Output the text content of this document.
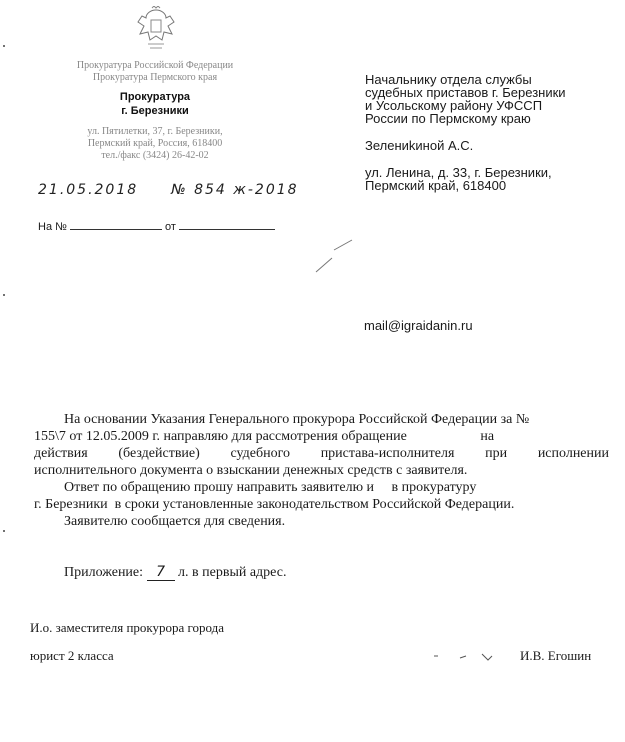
Прокуратура Российской Федерации
Прокуратура Пермского края
Прокуратура
г. Березники
ул. Пятилетки, 37, г. Березники,
Пермский край, Россия, 618400
тел./факс (3424) 26-42-02
21.05.2018 № 854 ж-2018
На №	от
Начальнику отдела службы
судебных приставов г. Березники
и Усольскому району УФССП
России по Пермскому краю
Зелениkиной А.С.
ул. Ленина, д. 33, г. Березники,
Пермский край, 618400
mail@igraidanin.ru

На основании Указания Генерального прокурора Российской Федерации за №

155\7 от 12.05.2009 г. направляю для рассмотрения обращение                     на
действия (бездействие) судебного пристава-исполнителя при исполнении
исполнительного документа о взыскании денежных средств с заявителя.
Ответ по обращению прошу направить заявителю и     в прокуратуру
г. Березники  в сроки установленные законодательством Российской Федерации.
Заявителю сообщается для сведения.
Приложение: 7 л. в первый адрес.
И.о. заместителя прокурора города
юрист 2 класса	И.В. Егошин
